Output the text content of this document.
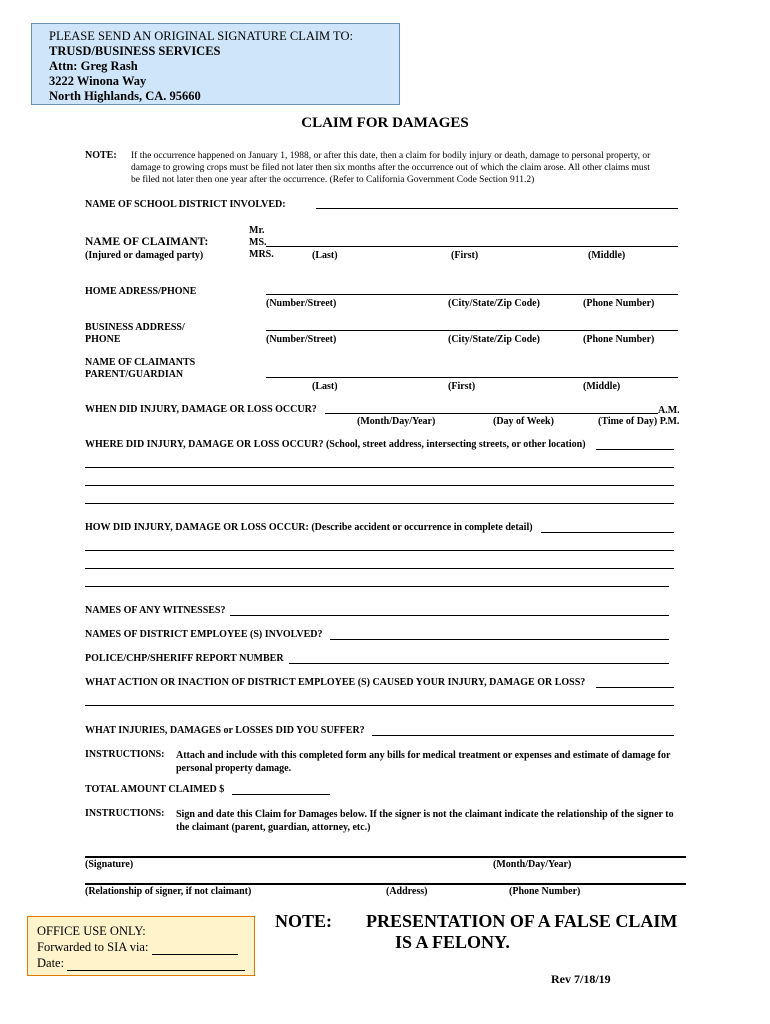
PLEASE SEND AN ORIGINAL SIGNATURE CLAIM TO:
TRUSD/BUSINESS SERVICES
Attn: Greg Rash
3222 Winona Way
North Highlands, CA. 95660
CLAIM FOR DAMAGES
NOTE: If the occurrence happened on January 1, 1988, or after this date, then a claim for bodily injury or death, damage to personal property, or
damage to growing crops must be filed not later then six months after the occurrence out of which the claim arose. All other claims must
be filed not later then one year after the occurrence. (Refer to California Government Code Section 911.2)
NAME OF SCHOOL DISTRICT INVOLVED:
Mr.
NAME OF CLAIMANT:	MS.
(Injured or damaged party)	MRS.	(Last)	(First)	(Middle)
HOME ADRESS/PHONE
(Number/Street)	(City/State/Zip Code)	(Phone Number)
BUSINESS ADDRESS/
PHONE	(Number/Street)	(City/State/Zip Code)	(Phone Number)
NAME OF CLAIMANTS
PARENT/GUARDIAN
(Last)	(First)	(Middle)
WHEN DID INJURY, DAMAGE OR LOSS OCCUR?	A.M.
(Month/Day/Year)	(Day of Week)	(Time of Day) P.M.
WHERE DID INJURY, DAMAGE OR LOSS OCCUR? (School, street address, intersecting streets, or other location)
HOW DID INJURY, DAMAGE OR LOSS OCCUR: (Describe accident or occurrence in complete detail)
NAMES OF ANY WITNESSES?
NAMES OF DISTRICT EMPLOYEE (S) INVOLVED?
POLICE/CHP/SHERIFF REPORT NUMBER
WHAT ACTION OR INACTION OF DISTRICT EMPLOYEE (S) CAUSED YOUR INJURY, DAMAGE OR LOSS?
WHAT INJURIES, DAMAGES or LOSSES DID YOU SUFFER?
INSTRUCTIONS: Attach and include with this completed form any bills for medical treatment or expenses and estimate of damage for
personal property damage.
TOTAL AMOUNT CLAIMED $
INSTRUCTIONS: Sign and date this Claim for Damages below. If the signer is not the claimant indicate the relationship of the signer to
the claimant (parent, guardian, attorney, etc.)
(Signature)	(Month/Day/Year)
(Relationship of signer, if not claimant)	(Address)	(Phone Number)
OFFICE USE ONLY:
Forwarded to SIA via:
Date:
NOTE: PRESENTATION OF A FALSE CLAIM
IS A FELONY.
Rev 7/18/19
